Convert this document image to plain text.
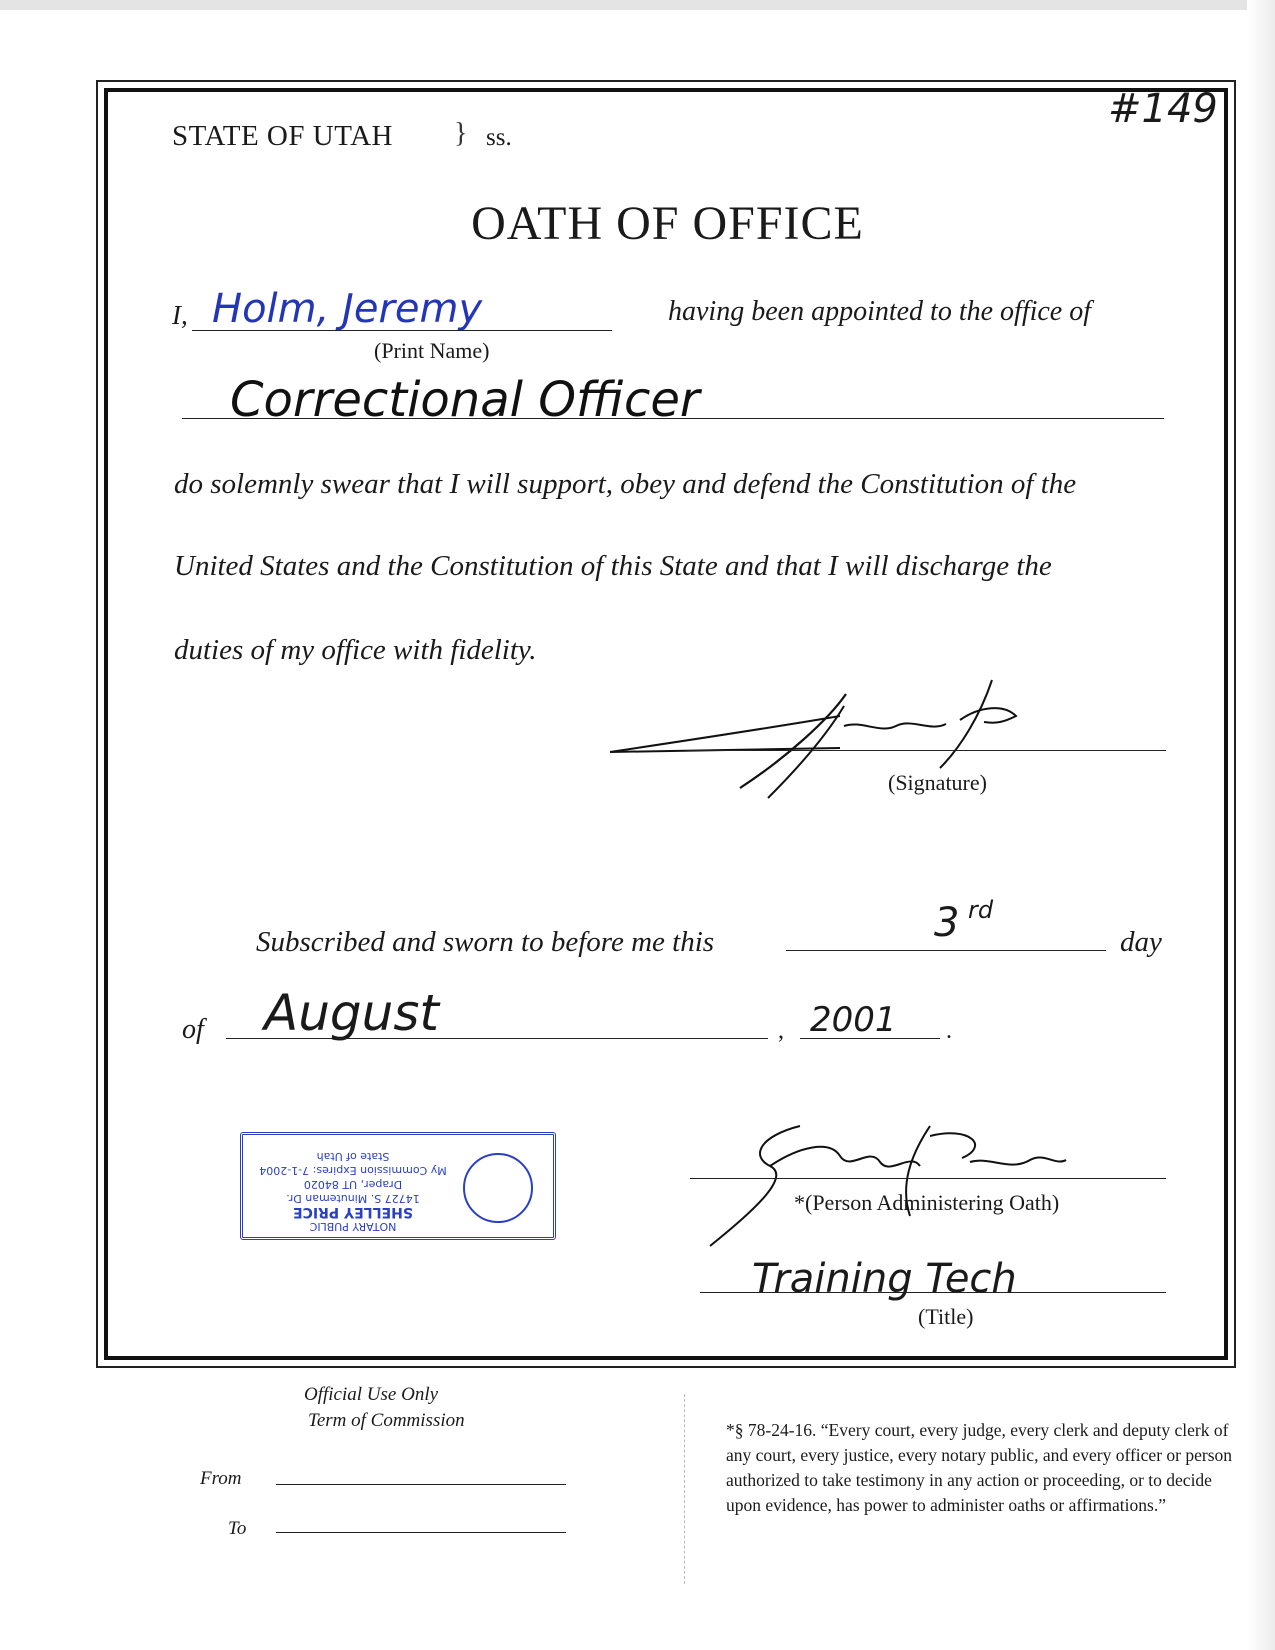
STATE OF UTAH } ss.
#149
OATH OF OFFICE
I, Holm, Jeremy
(Print Name)
having been appointed to the office of
Correctional Officer
do solemnly swear that I will support, obey and defend the Constitution of the
United States and the Constitution of this State and that I will discharge the
duties of my office with fidelity.
(Signature)
Subscribed and sworn to before me this	3 rd
day
of August	, 2001 .
NOTARY PUBLIC
SHELLEY PRICE
14727 S. Minuteman Dr.
Draper, UT 84020
My Commission Expires: 7-1-2004
State of Utah
*(Person Administering Oath)
Training Tech
(Title)
Official Use Only
Term of Commission
From
To
*§ 78-24-16. “Every court, every judge, every clerk and deputy clerk of any court, every justice, every notary public, and every officer or person authorized to take testimony in any action or proceeding, or to decide upon evidence, has power to administer oaths or affirmations.”
